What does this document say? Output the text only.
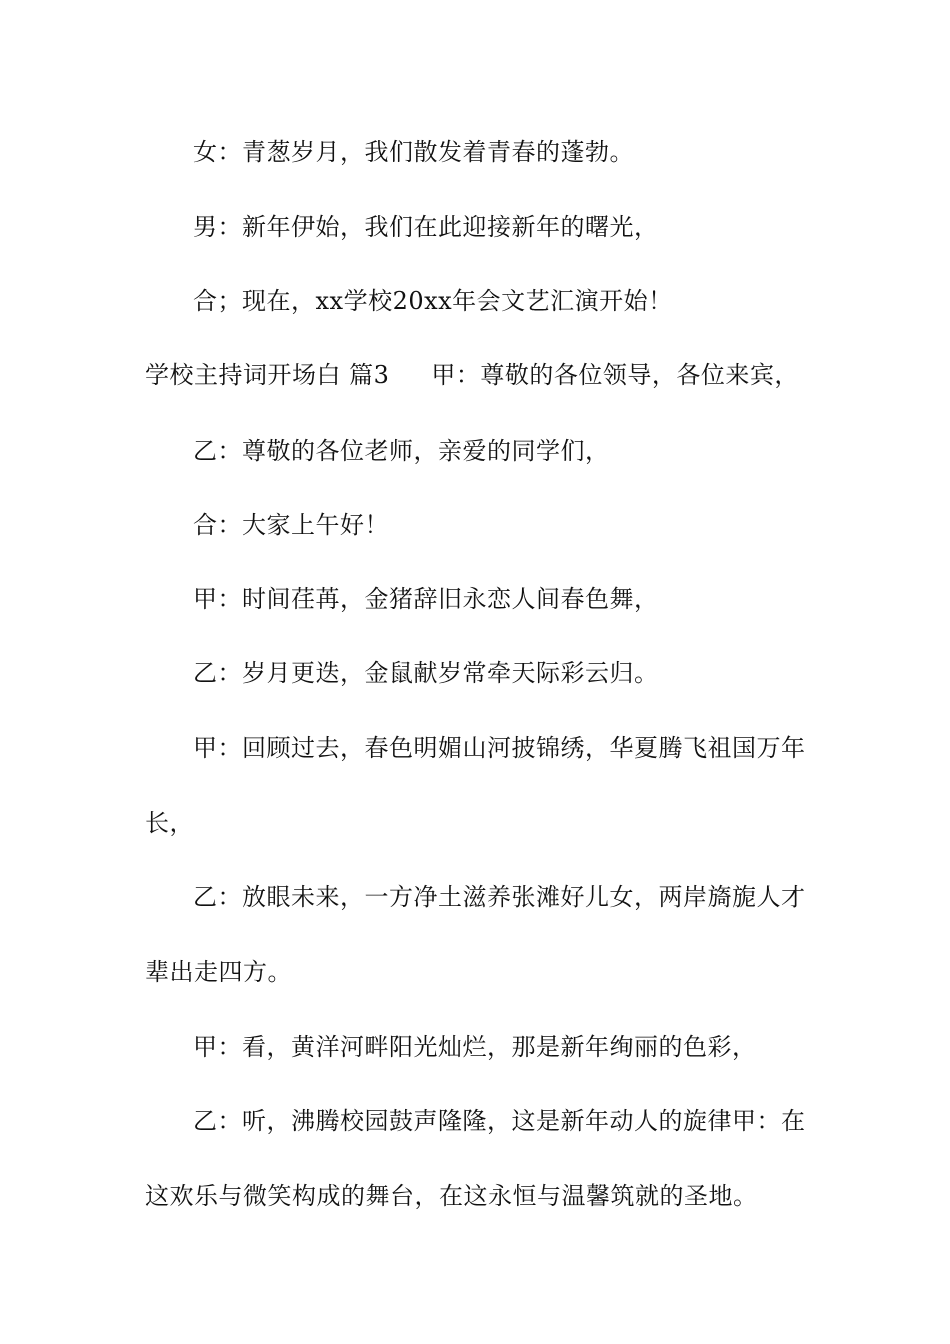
女：青葱岁月，我们散发着青春的蓬勃。
男：新年伊始，我们在此迎接新年的曙光，
合；现在，xx学校20xx年会文艺汇演开始！
学校主持词开场白 篇3 甲：尊敬的各位领导，各位来宾，
乙：尊敬的各位老师，亲爱的同学们，
合：大家上午好！
甲：时间荏苒，金猪辞旧永恋人间春色舞，
乙：岁月更迭，金鼠献岁常牵天际彩云归。
甲：回顾过去，春色明媚山河披锦绣，华夏腾飞祖国万年
长，
乙：放眼未来，一方净土滋养张滩好儿女，两岸旖旎人才
辈出走四方。
甲：看，黄洋河畔阳光灿烂，那是新年绚丽的色彩，
乙：听，沸腾校园鼓声隆隆，这是新年动人的旋律甲：在
这欢乐与微笑构成的舞台，在这永恒与温馨筑就的圣地。
